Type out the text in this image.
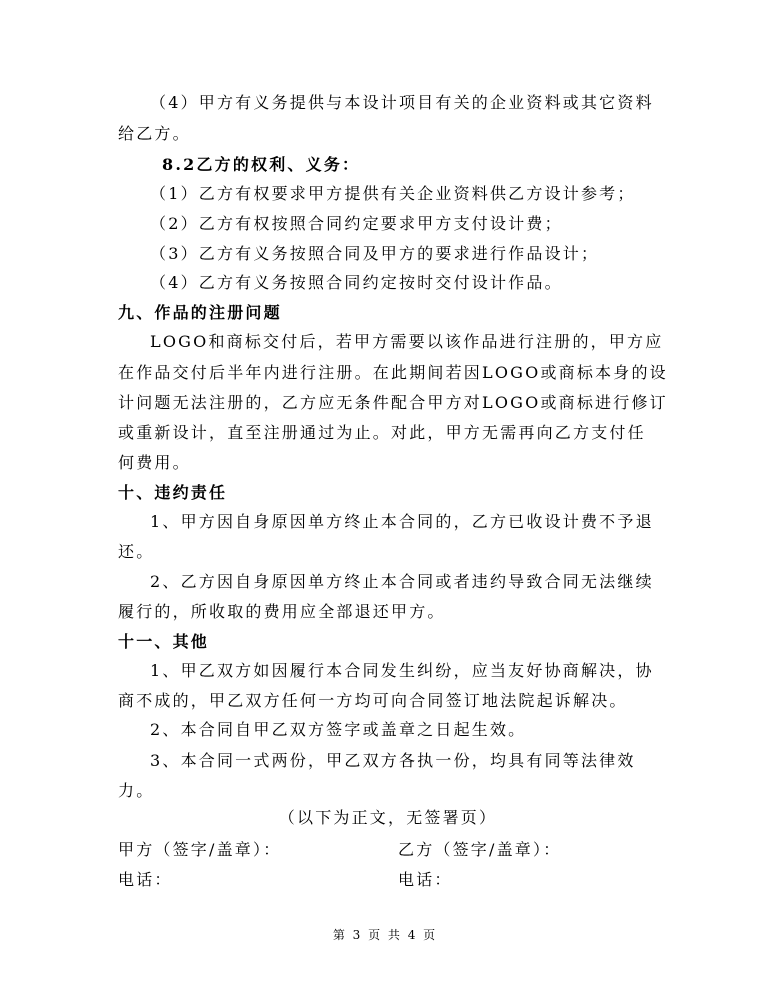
（4）甲方有义务提供与本设计项目有关的企业资料或其它资料

给乙方。

8.2乙方的权利、义务：

（1）乙方有权要求甲方提供有关企业资料供乙方设计参考；

（2）乙方有权按照合同约定要求甲方支付设计费；

（3）乙方有义务按照合同及甲方的要求进行作品设计；

（4）乙方有义务按照合同约定按时交付设计作品。

九、作品的注册问题

LOGO和商标交付后，若甲方需要以该作品进行注册的，甲方应

在作品交付后半年内进行注册。在此期间若因LOGO或商标本身的设

计问题无法注册的，乙方应无条件配合甲方对LOGO或商标进行修订

或重新设计，直至注册通过为止。对此，甲方无需再向乙方支付任

何费用。

十、违约责任

1、甲方因自身原因单方终止本合同的，乙方已收设计费不予退

还。

2、乙方因自身原因单方终止本合同或者违约导致合同无法继续

履行的，所收取的费用应全部退还甲方。

十一、其他

1、甲乙双方如因履行本合同发生纠纷，应当友好协商解决，协

商不成的，甲乙双方任何一方均可向合同签订地法院起诉解决。

2、本合同自甲乙双方签字或盖章之日起生效。

3、本合同一式两份，甲乙双方各执一份，均具有同等法律效

力。

（以下为正文，无签署页）

甲方（签字/盖章）：	乙方（签字/盖章）：

电话：	电话：

第 3 页 共 4 页
